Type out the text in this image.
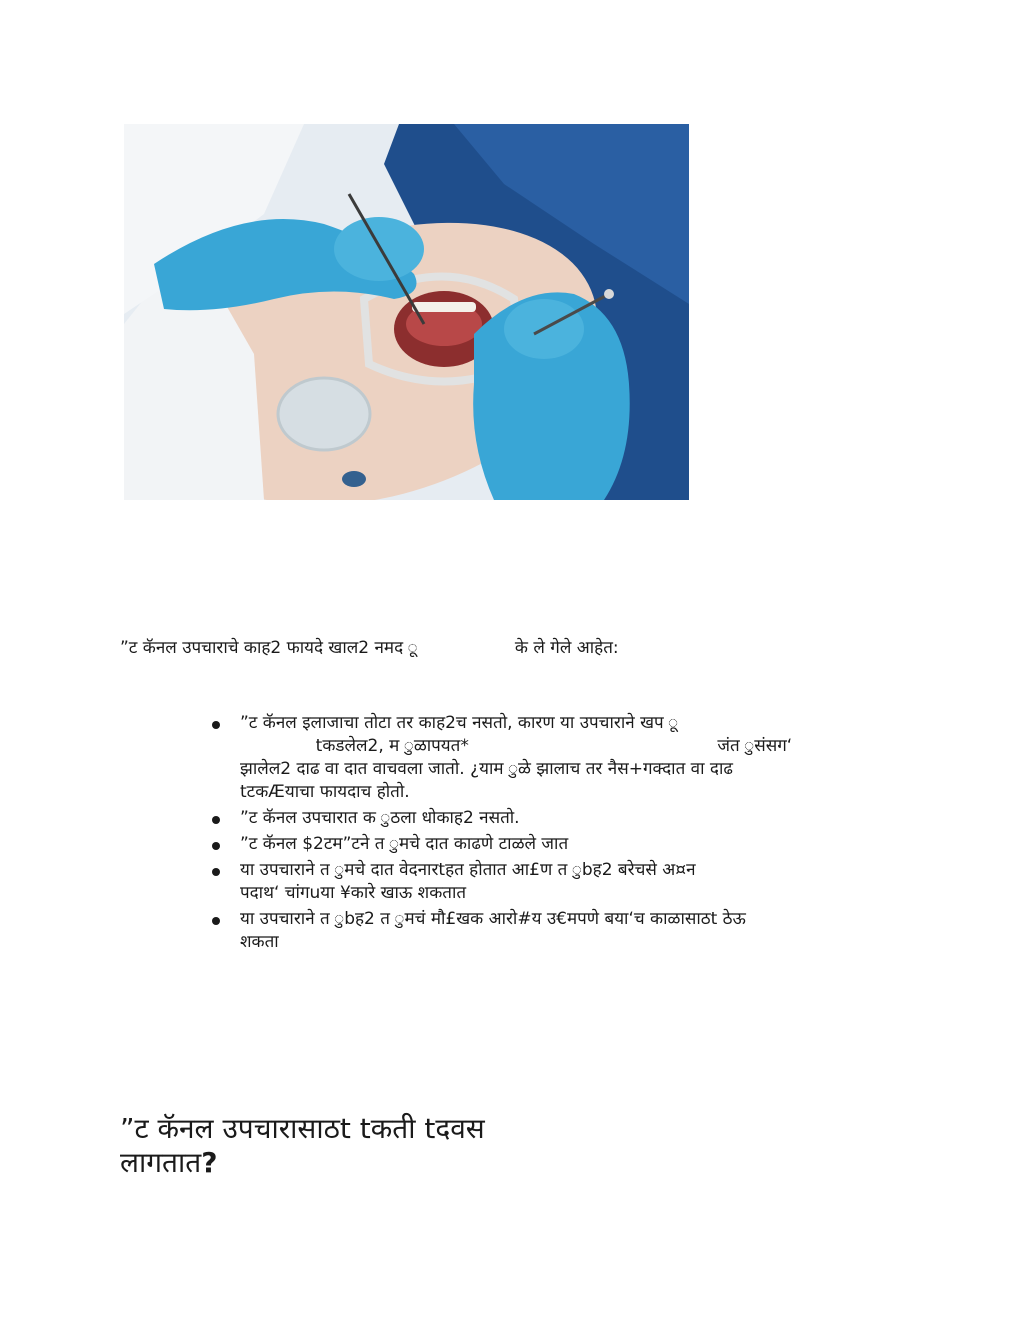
”ट कॅनल उपचाराचे काह2 फायदे खाल2 नमद ू	के ले गेले आहेत:
”ट कॅनल इलाजाचा तोटा तर काह2च नसतो, कारण या उपचाराने खप ू
tकडलेल2, म ुळापयत*                                              जंत ुसंसग‘
झालेल2 दाढ वा दात वाचवला जातो. ¿याम ुळे झालाच तर नैस+गक्दात वा दाढ
tटकÆयाचा फायदाच होतो.
”ट कॅनल उपचारात क ुठला धोकाह2 नसतो.
”ट कॅनल $2टम”टने त ुमचे दात काढणे टाळले जात
या उपचाराने त ुमचे दात वेदनारtहत होतात आ£ण त ुbह2 बरेचसे अ¤न
पदाथ‘ चांगuया ¥कारे खाऊ शकतात
या उपचाराने त ुbह2 त ुमचं मौ£खक आरो#य उ€मपणे बया‘च काळासाठt ठेऊ
शकता
”ट कॅनल उपचारासाठt tकती tदवस
लागतात?
